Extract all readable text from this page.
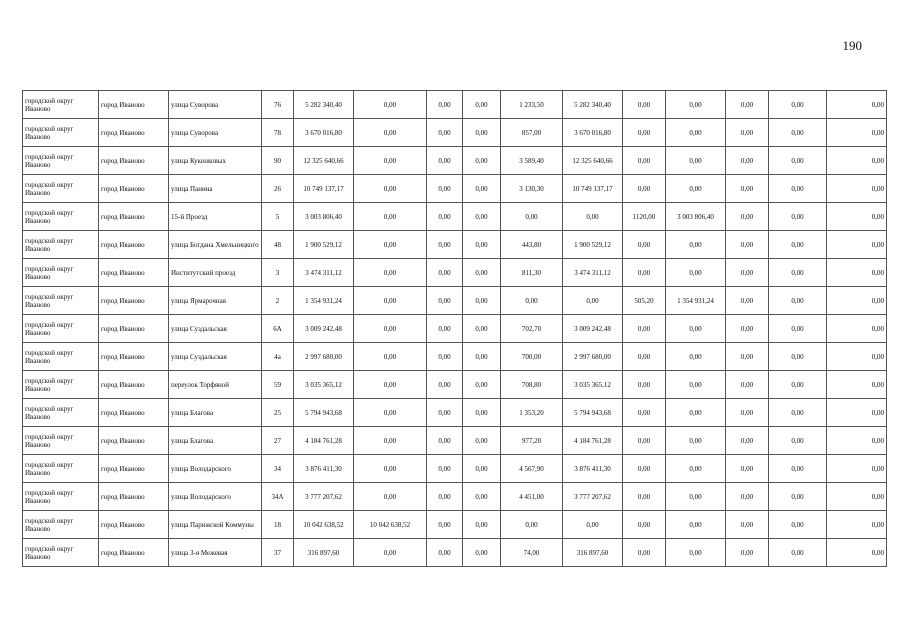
190
городской округ Иваново	город Иваново	улица Суворова	76	5 282 340,40	0,00	0,00	0,00	1 233,50	5 282 340,40	0,00	0,00	0,00	0,00	0,00
городской округ Иваново	город Иваново	улица Суворова	78	3 670 016,80	0,00	0,00	0,00	857,00	3 670 016,80	0,00	0,00	0,00	0,00	0,00
городской округ Иваново	город Иваново	улица Куконковых	90	12 325 640,66	0,00	0,00	0,00	3 589,40	12 325 640,66	0,00	0,00	0,00	0,00	0,00
городской округ Иваново	город Иваново	улица Панина	26	10 749 137,17	0,00	0,00	0,00	3 130,30	10 749 137,17	0,00	0,00	0,00	0,00	0,00
городской округ Иваново	город Иваново	15-й Проезд	5	3 003 806,40	0,00	0,00	0,00	0,00	0,00	1120,00	3 003 806,40	0,00	0,00	0,00
городской округ Иваново	город Иваново	улица Богдана Хмельницкого	48	1 900 529,12	0,00	0,00	0,00	443,80	1 900 529,12	0,00	0,00	0,00	0,00	0,00
городской округ Иваново	город Иваново	Институтский проезд	3	3 474 311,12	0,00	0,00	0,00	811,30	3 474 311,12	0,00	0,00	0,00	0,00	0,00
городской округ Иваново	город Иваново	улица Ярмарочная	2	1 354 931,24	0,00	0,00	0,00	0,00	0,00	505,20	1 354 931,24	0,00	0,00	0,00
городской округ Иваново	город Иваново	улица Суздальская	6А	3 009 242,48	0,00	0,00	0,00	702,70	3 009 242,48	0,00	0,00	0,00	0,00	0,00
городской округ Иваново	город Иваново	улица Суздальская	4а	2 997 680,00	0,00	0,00	0,00	700,00	2 997 680,00	0,00	0,00	0,00	0,00	0,00
городской округ Иваново	город Иваново	переулок Торфяной	59	3 035 365,12	0,00	0,00	0,00	708,80	3 035 365,12	0,00	0,00	0,00	0,00	0,00
городской округ Иваново	город Иваново	улица Благова	25	5 794 943,68	0,00	0,00	0,00	1 353,20	5 794 943,68	0,00	0,00	0,00	0,00	0,00
городской округ Иваново	город Иваново	улица Благова	27	4 184 761,28	0,00	0,00	0,00	977,20	4 184 761,28	0,00	0,00	0,00	0,00	0,00
городской округ Иваново	город Иваново	улица Володарского	34	3 876 411,30	0,00	0,00	0,00	4 567,90	3 876 411,30	0,00	0,00	0,00	0,00	0,00
городской округ Иваново	город Иваново	улица Володарского	34А	3 777 207,62	0,00	0,00	0,00	4 451,00	3 777 207,62	0,00	0,00	0,00	0,00	0,00
городской округ Иваново	город Иваново	улица Парижской Коммуны	18	10 042 638,52	10 042 638,52	0,00	0,00	0,00	0,00	0,00	0,00	0,00	0,00	0,00
городской округ Иваново	город Иваново	улица 3-я Межевая	37	316 897,60	0,00	0,00	0,00	74,00	316 897,60	0,00	0,00	0,00	0,00	0,00
